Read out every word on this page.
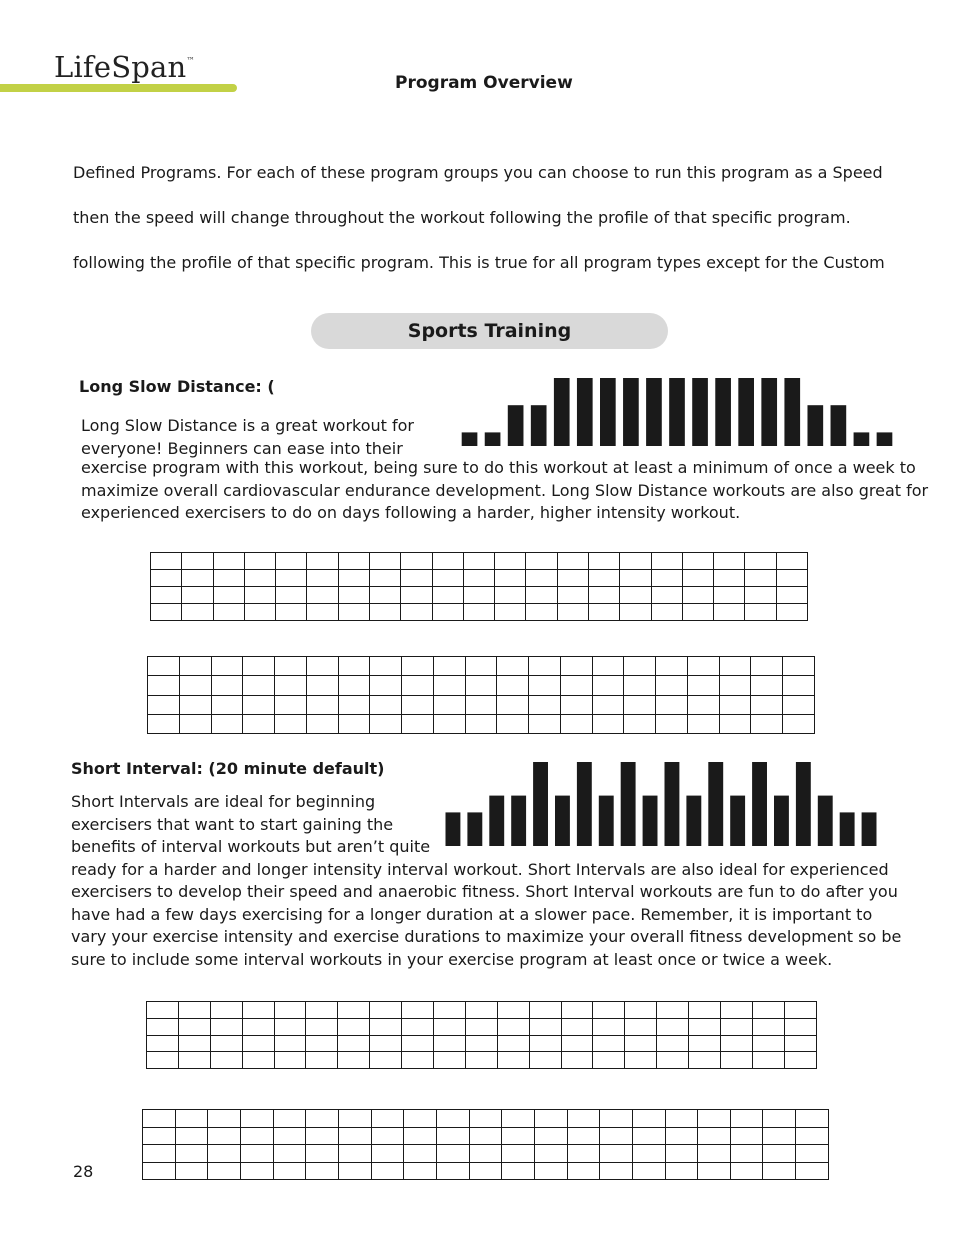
LifeSpan™
Program Overview
Defined Programs. For each of these program groups you can choose to run this program as a Speed
then the speed will change throughout the workout following the profile of that specific program.
following the profile of that specific program. This is true for all program types except for the Custom
Sports Training
Long Slow Distance: (
Long Slow Distance is a great workout for
everyone! Beginners can ease into their
exercise program with this workout, being sure to do this workout at least a minimum of once a week to
maximize overall cardiovascular endurance development. Long Slow Distance workouts are also great for
experienced exercisers to do on days following a harder, higher intensity workout.

Short Interval: (20 minute default)
Short Intervals are ideal for beginning
exercisers that want to start gaining the
benefits of interval workouts but aren’t quite
ready for a harder and longer intensity interval workout. Short Intervals are also ideal for experienced
exercisers to develop their speed and anaerobic fitness. Short Interval workouts are fun to do after you
have had a few days exercising for a longer duration at a slower pace. Remember, it is important to
vary your exercise intensity and exercise durations to maximize your overall fitness development so be
sure to include some interval workouts in your exercise program at least once or twice a week.

28
